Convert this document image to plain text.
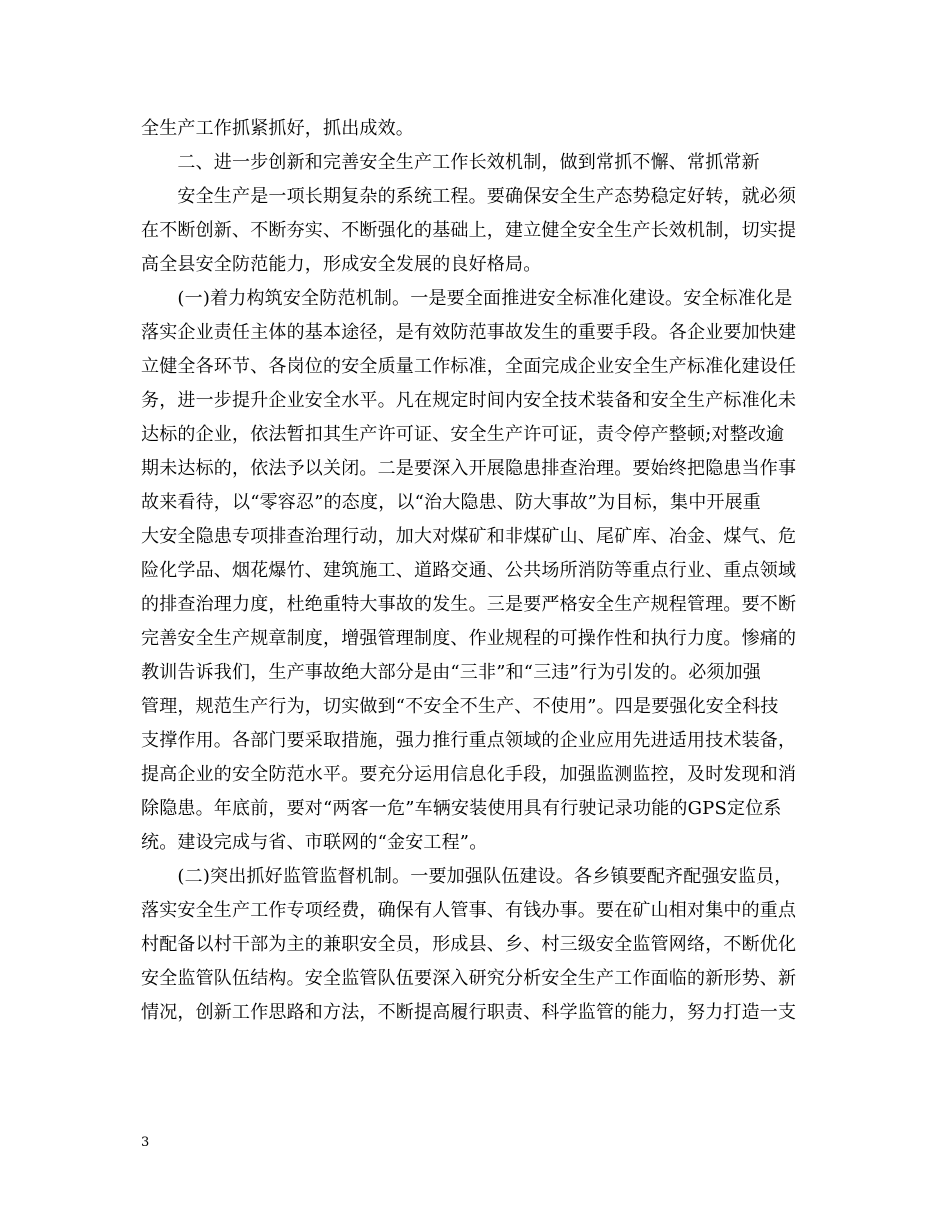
全生产工作抓紧抓好，抓出成效。
　　二、进一步创新和完善安全生产工作长效机制，做到常抓不懈、常抓常新
　　安全生产是一项长期复杂的系统工程。要确保安全生产态势稳定好转，就必须
在不断创新、不断夯实、不断强化的基础上，建立健全安全生产长效机制，切实提
高全县安全防范能力，形成安全发展的良好格局。
　　(一)着力构筑安全防范机制。一是要全面推进安全标准化建设。安全标准化是
落实企业责任主体的基本途径，是有效防范事故发生的重要手段。各企业要加快建
立健全各环节、各岗位的安全质量工作标准，全面完成企业安全生产标准化建设任
务，进一步提升企业安全水平。凡在规定时间内安全技术装备和安全生产标准化未
达标的企业，依法暂扣其生产许可证、安全生产许可证，责令停产整顿;对整改逾
期未达标的，依法予以关闭。二是要深入开展隐患排查治理。要始终把隐患当作事
故来看待，以“零容忍”的态度，以“治大隐患、防大事故”为目标，集中开展重
大安全隐患专项排查治理行动，加大对煤矿和非煤矿山、尾矿库、冶金、煤气、危
险化学品、烟花爆竹、建筑施工、道路交通、公共场所消防等重点行业、重点领域
的排查治理力度，杜绝重特大事故的发生。三是要严格安全生产规程管理。要不断
完善安全生产规章制度，增强管理制度、作业规程的可操作性和执行力度。惨痛的
教训告诉我们，生产事故绝大部分是由“三非”和“三违”行为引发的。必须加强
管理，规范生产行为，切实做到“不安全不生产、不使用”。四是要强化安全科技
支撑作用。各部门要采取措施，强力推行重点领域的企业应用先进适用技术装备，
提高企业的安全防范水平。要充分运用信息化手段，加强监测监控，及时发现和消
除隐患。年底前，要对“两客一危”车辆安装使用具有行驶记录功能的GPS定位系
统。建设完成与省、市联网的“金安工程”。
　　(二)突出抓好监管监督机制。一要加强队伍建设。各乡镇要配齐配强安监员，
落实安全生产工作专项经费，确保有人管事、有钱办事。要在矿山相对集中的重点
村配备以村干部为主的兼职安全员，形成县、乡、村三级安全监管网络，不断优化
安全监管队伍结构。安全监管队伍要深入研究分析安全生产工作面临的新形势、新
情况，创新工作思路和方法，不断提高履行职责、科学监管的能力，努力打造一支
3
